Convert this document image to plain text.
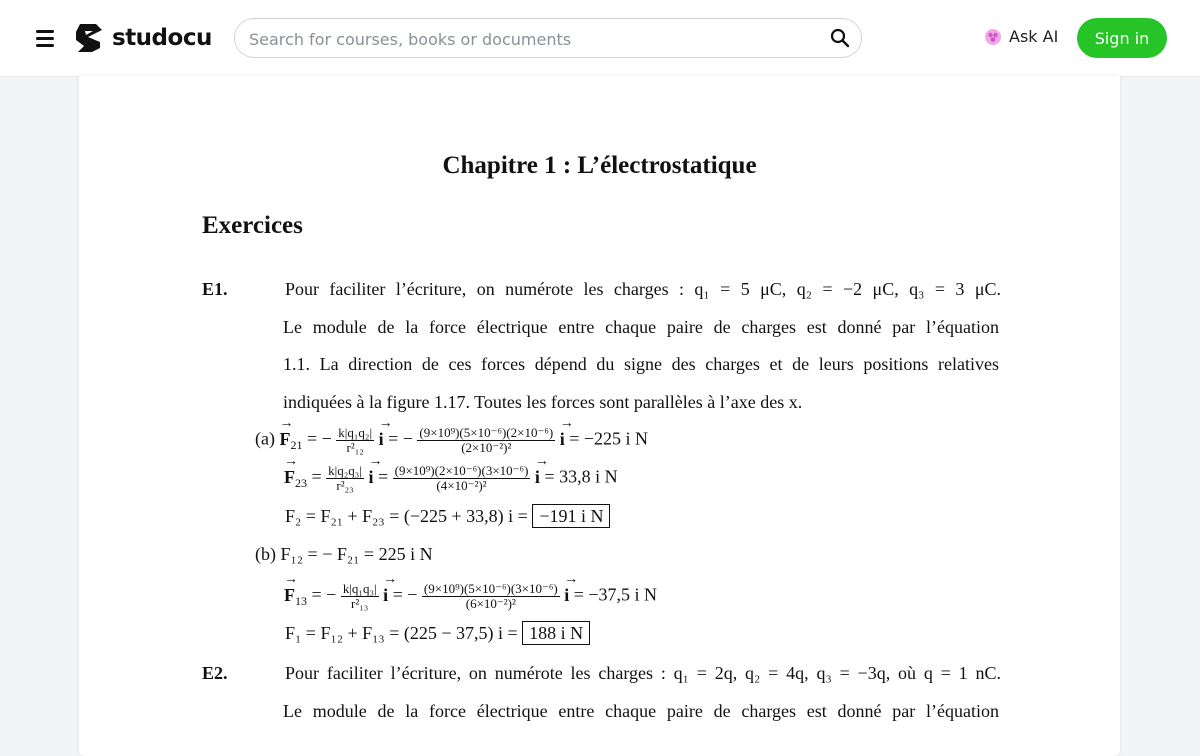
studocu
Search for courses, books or documents	Ask AI	Sign in
Chapitre 1 : L’électrostatique
Exercices
E1.	Pour faciliter l’écriture, on numérote les charges : q₁ = 5 μC, q₂ = −2 μC, q₃ = 3 μC.
Le module de la force électrique entre chaque paire de charges est donné par l’équation
1.1. La direction de ces forces dépend du signe des charges et de leurs positions relatives
indiquées à la figure 1.17. Toutes les forces sont parallèles à l’axe des x.
$(a) \to F_{21}$ = − $\frac{\text{k|q₁q₂|}}{\text{r²₁₂}}$
→ i = − $\frac{\text{(9×10⁹)(5×10⁻⁶)(2×10⁻⁶)}}{\text{(2×10⁻²)²}}$
→ i = −225 i N
→ $F_{23} = \frac{\text{k|q₂q₃|}}{\text{r²₂₃}}$
→ $i = \frac{\text{(9×10⁹)(2×10⁻⁶)(3×10⁻⁶)}}{\text{(4×10⁻²)²}}$
→ i = 33,8 i N
F₂ = F₂₁ + F₂₃ = (−225 + 33,8) i = −191 i N
(b) F₁₂ = − F₂₁ = 225 i N
→ $F_{13}$ = − $\frac{\text{k|q₁q₃|}}{\text{r²₁₃}}$
→ i = − $\frac{\text{(9×10⁹)(5×10⁻⁶)(3×10⁻⁶)}}{\text{(6×10⁻²)²}}$
→ i = −37,5 i N
F₁ = F₁₂ + F₁₃ = (225 − 37,5) i = 188 i N
E2.	Pour faciliter l’écriture, on numérote les charges : q₁ = 2q, q₂ = 4q, q₃ = −3q, où q = 1 nC.
Le module de la force électrique entre chaque paire de charges est donné par l’équation
